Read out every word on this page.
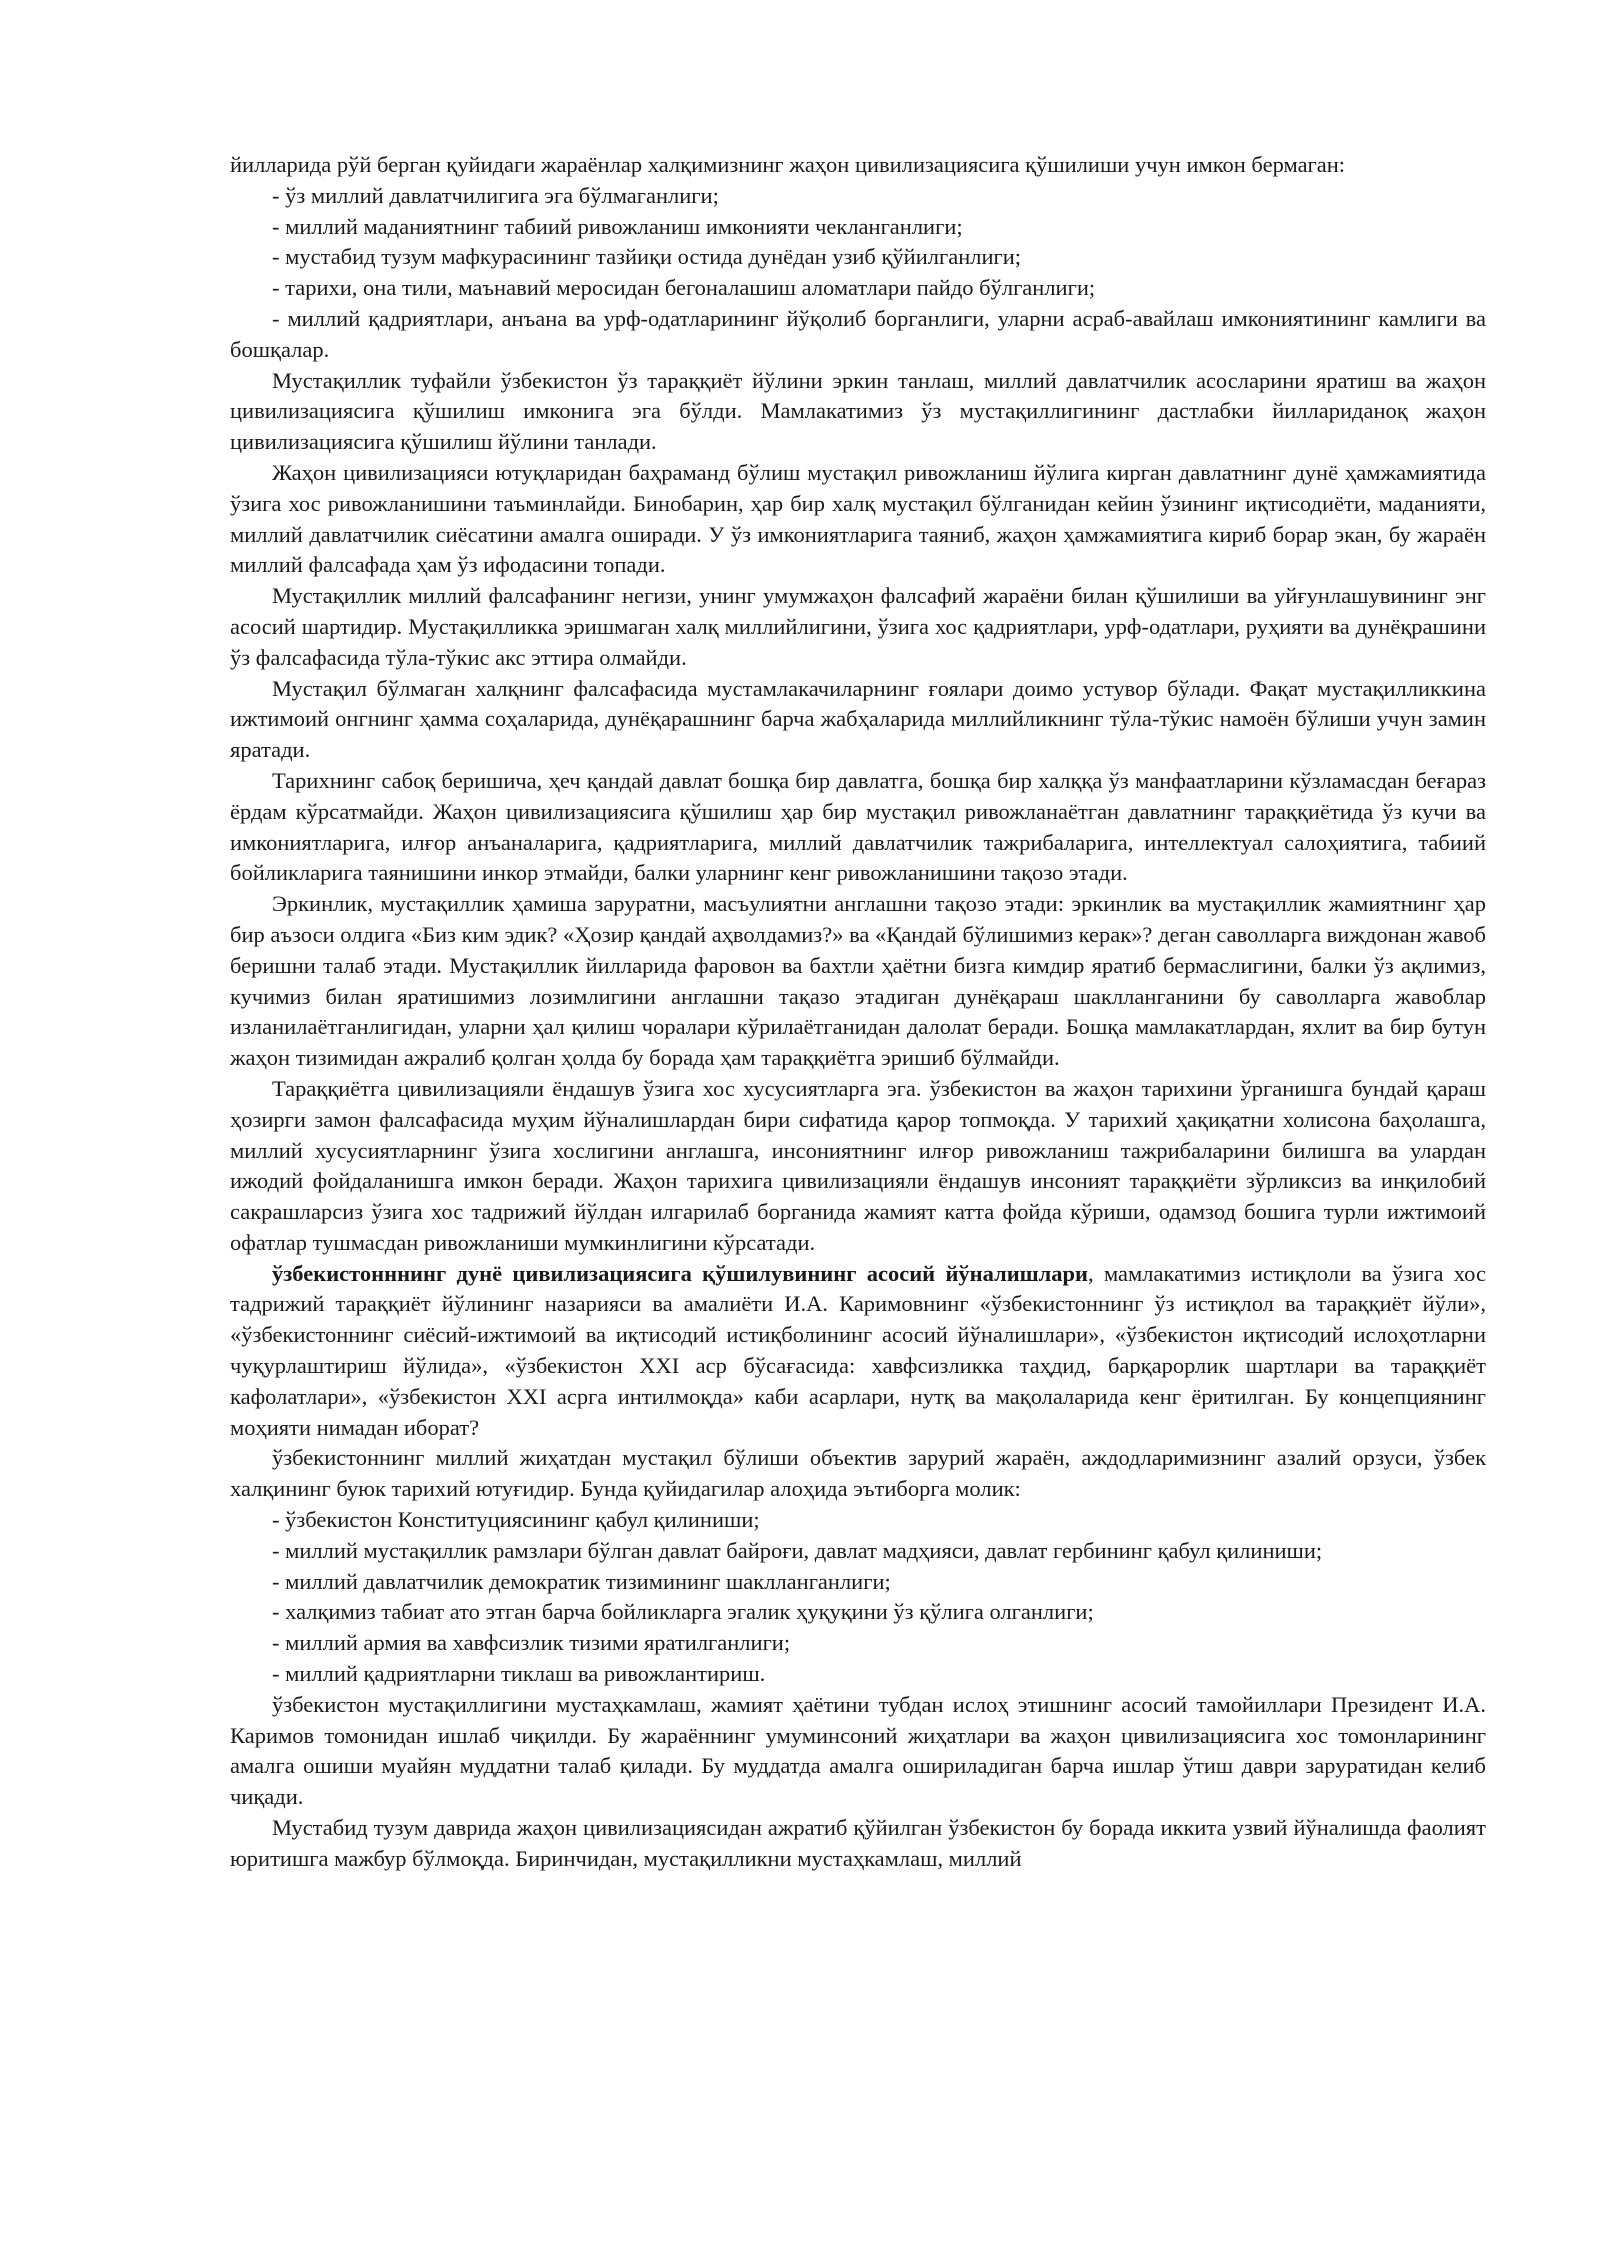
йилларида рўй берган қуйидаги жараёнлар халқимизнинг жаҳон цивилизациясига қўшилиши учун имкон бермаган:

- ўз миллий давлатчилигига эга бўлмаганлиги;

- миллий маданиятнинг табиий ривожланиш имконияти чекланганлиги;

- мустабид тузум мафкурасининг тазйиқи остида дунёдан узиб қўйилганлиги;

- тарихи, она тили, маънавий меросидан бегоналашиш аломатлари пайдо бўлганлиги;

- миллий қадриятлари, анъана ва урф-одатларининг йўқолиб борганлиги, уларни асраб-авайлаш имкониятининг камлиги ва бошқалар.

Мустақиллик туфайли ўзбекистон ўз тараққиёт йўлини эркин танлаш, миллий давлатчилик асосларини яратиш ва жаҳон цивилизациясига қўшилиш имконига эга бўлди. Мамлакатимиз ўз мустақиллигининг дастлабки йиллариданоқ жаҳон цивилизациясига қўшилиш йўлини танлади.

Жаҳон цивилизацияси ютуқларидан баҳраманд бўлиш мустақил ривожланиш йўлига кирган давлатнинг дунё ҳамжамиятида ўзига хос ривожланишини таъминлайди. Бинобарин, ҳар бир халқ мустақил бўлганидан кейин ўзининг иқтисодиёти, маданияти, миллий давлатчилик сиёсатини амалга оширади. У ўз имкониятларига таяниб, жаҳон ҳамжамиятига кириб борар экан, бу жараён миллий фалсафада ҳам ўз ифодасини топади.

Мустақиллик миллий фалсафанинг негизи, унинг умумжаҳон фалсафий жараёни билан қўшилиши ва уйғунлашувининг энг асосий шартидир. Мустақилликка эришмаган халқ миллийлигини, ўзига хос қадриятлари, урф-одатлари, руҳияти ва дунёқрашини ўз фалсафасида тўла-тўкис акс эттира олмайди.

Мустақил бўлмаган халқнинг фалсафасида мустамлакачиларнинг ғоялари доимо устувор бўлади. Фақат мустақилликкина ижтимоий онгнинг ҳамма соҳаларида, дунёқарашнинг барча жабҳаларида миллийликнинг тўла-тўкис намоён бўлиши учун замин яратади.

Тарихнинг сабоқ беришича, ҳеч қандай давлат бошқа бир давлатга, бошқа бир халққа ўз манфаатларини кўзламасдан беғараз ёрдам кўрсатмайди. Жаҳон цивилизациясига қўшилиш ҳар бир мустақил ривожланаётган давлатнинг тараққиётида ўз кучи ва имкониятларига, илғор анъаналарига, қадриятларига, миллий давлатчилик тажрибаларига, интеллектуал салоҳиятига, табиий бойликларига таянишини инкор этмайди, балки уларнинг кенг ривожланишини тақозо этади.

Эркинлик, мустақиллик ҳамиша заруратни, масъулиятни англашни тақозо этади: эркинлик ва мустақиллик жамиятнинг ҳар бир аъзоси олдига «Биз ким эдик? «Ҳозир қандай аҳволдамиз?» ва «Қандай бўлишимиз керак»? деган саволларга виждонан жавоб беришни талаб этади. Мустақиллик йилларида фаровон ва бахтли ҳаётни бизга кимдир яратиб бермаслигини, балки ўз ақлимиз, кучимиз билан яратишимиз лозимлигини англашни тақазо этадиган дунёқараш шаклланганини бу саволларга жавоблар изланилаётганлигидан, уларни ҳал қилиш чоралари кўрилаётганидан далолат беради. Бошқа мамлакатлардан, яхлит ва бир бутун жаҳон тизимидан ажралиб қолган ҳолда бу борада ҳам тараққиётга эришиб бўлмайди.

Тараққиётга цивилизацияли ёндашув ўзига хос хусусиятларга эга. ўзбекистон ва жаҳон тарихини ўрганишга бундай қараш ҳозирги замон фалсафасида муҳим йўналишлардан бири сифатида қарор топмоқда. У тарихий ҳақиқатни холисона баҳолашга, миллий хусусиятларнинг ўзига хослигини англашга, инсониятнинг илғор ривожланиш тажрибаларини билишга ва улардан ижодий фойдаланишга имкон беради. Жаҳон тарихига цивилизацияли ёндашув инсоният тараққиёти зўрликсиз ва инқилобий сакрашларсиз ўзига хос тадрижий йўлдан илгарилаб борганида жамият катта фойда кўриши, одамзод бошига турли ижтимоий офатлар тушмасдан ривожланиши мумкинлигини кўрсатади.

ўзбекистонннинг дунё цивилизациясига қўшилувининг асосий йўналишлари, мамлакатимиз истиқлоли ва ўзига хос тадрижий тараққиёт йўлининг назарияси ва амалиёти И.А. Каримовнинг «ўзбекистоннинг ўз истиқлол ва тараққиёт йўли», «ўзбекистоннинг сиёсий-ижтимоий ва иқтисодий истиқболининг асосий йўналишлари», «ўзбекистон иқтисодий ислоҳотларни чуқурлаштириш йўлида», «ўзбекистон XXI аср бўсағасида: хавфсизликка таҳдид, барқарорлик шартлари ва тараққиёт кафолатлари», «ўзбекистон XXI асрга интилмоқда» каби асарлари, нутқ ва мақолаларида кенг ёритилган. Бу концепциянинг моҳияти нимадан иборат?

ўзбекистоннинг миллий жиҳатдан мустақил бўлиши объектив зарурий жараён, аждодларимизнинг азалий орзуси, ўзбек халқининг буюк тарихий ютуғидир. Бунда қуйидагилар алоҳида эътиборга молик:

- ўзбекистон Конституциясининг қабул қилиниши;

- миллий мустақиллик рамзлари бўлган давлат байроғи, давлат мадҳияси, давлат гербининг қабул қилиниши;

- миллий давлатчилик демократик тизимининг шаклланганлиги;

- халқимиз табиат ато этган барча бойликларга эгалик ҳуқуқини ўз қўлига олганлиги;

- миллий армия ва хавфсизлик тизими яратилганлиги;

- миллий қадриятларни тиклаш ва ривожлантириш.

ўзбекистон мустақиллигини мустаҳкамлаш, жамият ҳаётини тубдан ислоҳ этишнинг асосий тамойиллари Президент И.А. Каримов томонидан ишлаб чиқилди. Бу жараённинг умуминсоний жиҳатлари ва жаҳон цивилизациясига хос томонларининг амалга ошиши муайян муддатни талаб қилади. Бу муддатда амалга ошириладиган барча ишлар ўтиш даври заруратидан келиб чиқади.

Мустабид тузум даврида жаҳон цивилизациясидан ажратиб қўйилган ўзбекистон бу борада иккита узвий йўналишда фаолият юритишга мажбур бўлмоқда. Биринчидан, мустақилликни мустаҳкамлаш, миллий
